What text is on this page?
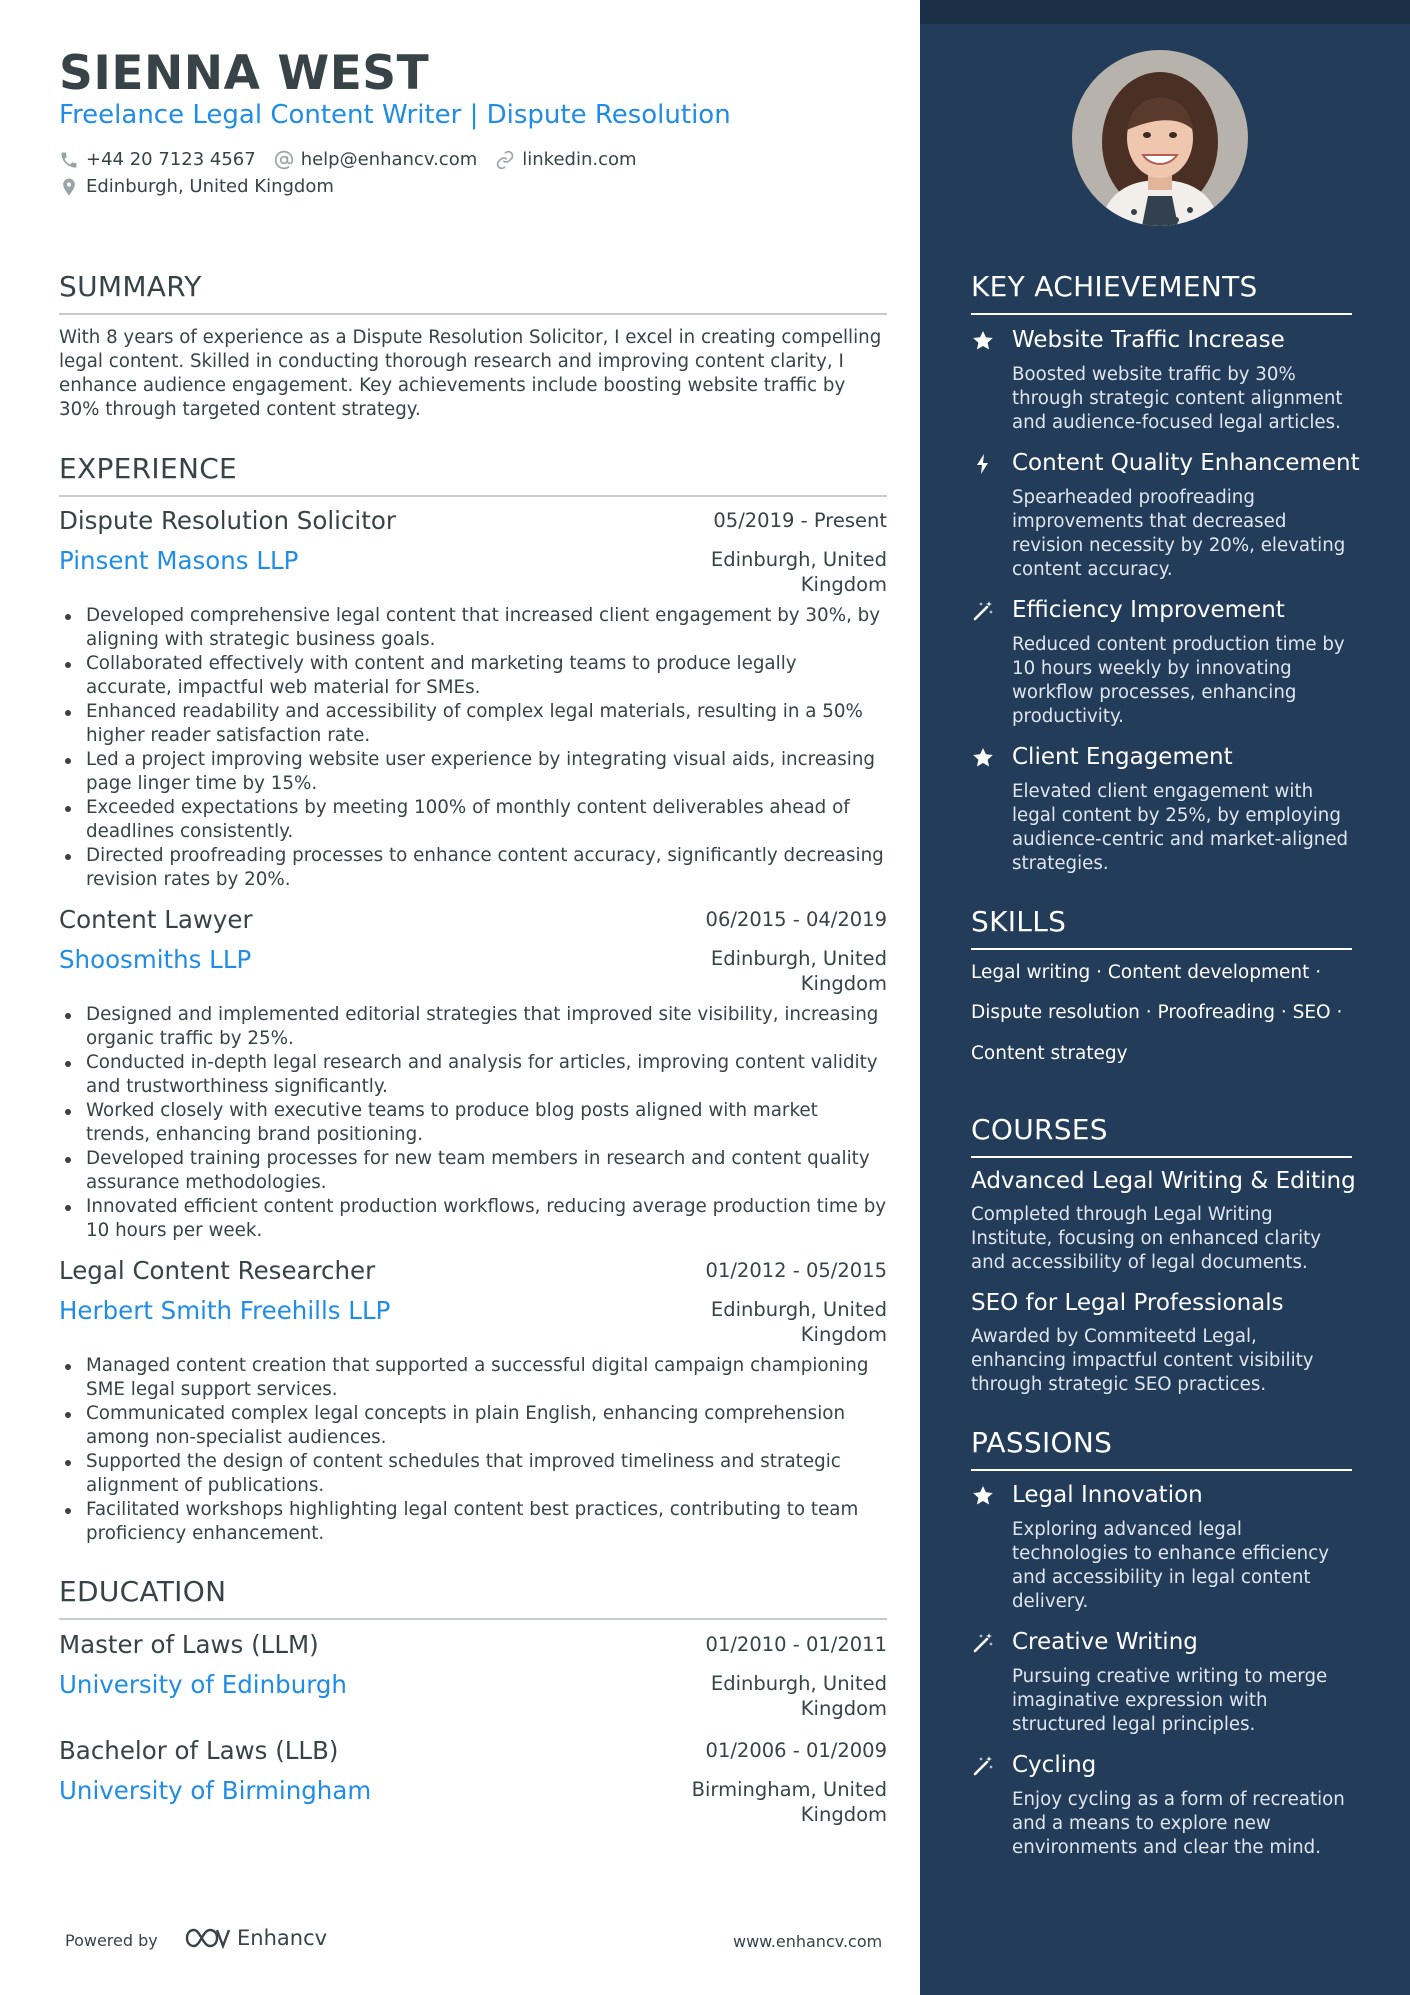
SIENNA WEST
Freelance Legal Content Writer | Dispute Resolution
+44 20 7123 4567	help@enhancv.com	linkedin.com
Edinburgh, United Kingdom
SUMMARY
With 8 years of experience as a Dispute Resolution Solicitor, I excel in creating compelling legal content. Skilled in conducting thorough research and improving content clarity, I enhance audience engagement. Key achievements include boosting website traffic by 30% through targeted content strategy.
EXPERIENCE
Dispute Resolution Solicitor	05/2019 - Present
Pinsent Masons LLP	Edinburgh, United Kingdom
Developed comprehensive legal content that increased client engagement by 30%, by aligning with strategic business goals.
Collaborated effectively with content and marketing teams to produce legally accurate, impactful web material for SMEs.
Enhanced readability and accessibility of complex legal materials, resulting in a 50% higher reader satisfaction rate.
Led a project improving website user experience by integrating visual aids, increasing page linger time by 15%.
Exceeded expectations by meeting 100% of monthly content deliverables ahead of deadlines consistently.
Directed proofreading processes to enhance content accuracy, significantly decreasing revision rates by 20%.
Content Lawyer	06/2015 - 04/2019
Shoosmiths LLP	Edinburgh, United Kingdom
Designed and implemented editorial strategies that improved site visibility, increasing organic traffic by 25%.
Conducted in-depth legal research and analysis for articles, improving content validity and trustworthiness significantly.
Worked closely with executive teams to produce blog posts aligned with market trends, enhancing brand positioning.
Developed training processes for new team members in research and content quality assurance methodologies.
Innovated efficient content production workflows, reducing average production time by 10 hours per week.
Legal Content Researcher	01/2012 - 05/2015
Herbert Smith Freehills LLP	Edinburgh, United Kingdom
Managed content creation that supported a successful digital campaign championing SME legal support services.
Communicated complex legal concepts in plain English, enhancing comprehension among non-specialist audiences.
Supported the design of content schedules that improved timeliness and strategic alignment of publications.
Facilitated workshops highlighting legal content best practices, contributing to team proficiency enhancement.
EDUCATION
Master of Laws (LLM)	01/2010 - 01/2011
University of Edinburgh	Edinburgh, United Kingdom
Bachelor of Laws (LLB)	01/2006 - 01/2009
University of Birmingham	Birmingham, United Kingdom
Powered by	Enhancv	www.enhancv.com
KEY ACHIEVEMENTS
Website Traffic Increase
Boosted website traffic by 30% through strategic content alignment and audience-focused legal articles.
Content Quality Enhancement
Spearheaded proofreading improvements that decreased revision necessity by 20%, elevating content accuracy.
Efficiency Improvement
Reduced content production time by 10 hours weekly by innovating workflow processes, enhancing productivity.
Client Engagement
Elevated client engagement with legal content by 25%, by employing audience-centric and market-aligned strategies.
SKILLS
Legal writing · Content development ·
Dispute resolution · Proofreading · SEO ·
Content strategy
COURSES
Advanced Legal Writing & Editing
Completed through Legal Writing Institute, focusing on enhanced clarity and accessibility of legal documents.
SEO for Legal Professionals
Awarded by Commiteetd Legal, enhancing impactful content visibility through strategic SEO practices.
PASSIONS
Legal Innovation
Exploring advanced legal technologies to enhance efficiency and accessibility in legal content delivery.
Creative Writing
Pursuing creative writing to merge imaginative expression with structured legal principles.
Cycling
Enjoy cycling as a form of recreation and a means to explore new environments and clear the mind.
